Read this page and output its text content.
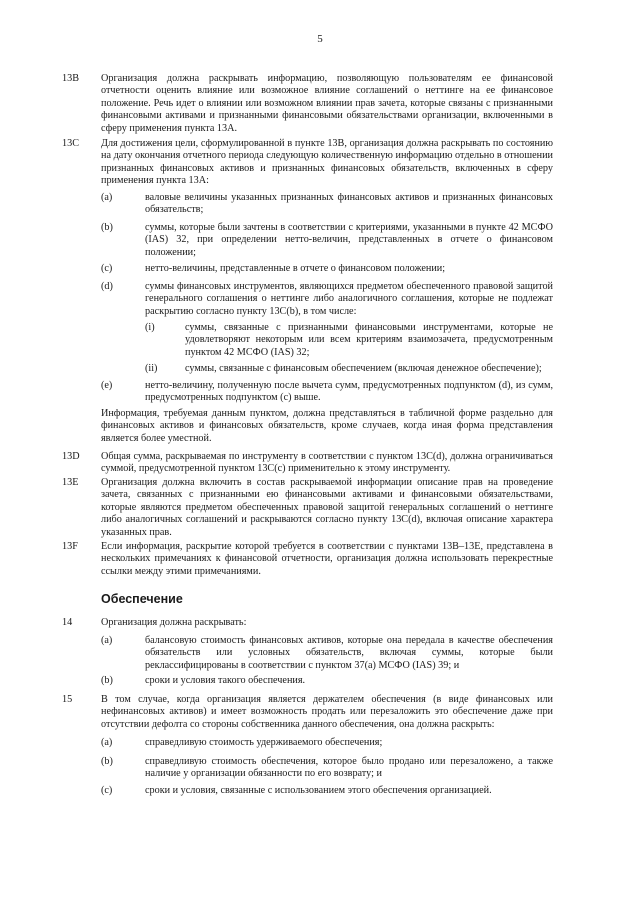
5
13B Организация должна раскрывать информацию, позволяющую пользователям ее финансовой отчетности оценить влияние или возможное влияние соглашений о неттинге на ее финансовое положение. Речь идет о влиянии или возможном влиянии прав зачета, которые связаны с признанными финансовыми активами и признанными финансовыми обязательствами организации, включенными в сферу применения пункта 13А.
13C Для достижения цели, сформулированной в пункте 13В, организация должна раскрывать по состоянию на дату окончания отчетного периода следующую количественную информацию отдельно в отношении признанных финансовых активов и признанных финансовых обязательств, включенных в сферу применения пункта 13А:
(a)	валовые величины указанных признанных финансовых активов и признанных финансовых обязательств;
(b)	суммы, которые были зачтены в соответствии с критериями, указанными в пункте 42 МСФО (IAS) 32, при определении нетто-величин, представленных в отчете о финансовом положении;
(c)	нетто-величины, представленные в отчете о финансовом положении;
(d)	суммы финансовых инструментов, являющихся предметом обеспеченного правовой защитой генерального соглашения о неттинге либо аналогичного соглашения, которые не подлежат раскрытию согласно пункту 13С(b), в том числе:
(i)	суммы, связанные с признанными финансовыми инструментами, которые не удовлетворяют некоторым или всем критериям взаимозачета, предусмотренным пунктом 42 МСФО (IAS) 32;
(ii)	суммы, связанные с финансовым обеспечением (включая денежное обеспечение);
(e)	нетто-величину, полученную после вычета сумм, предусмотренных подпунктом (d), из сумм, предусмотренных подпунктом (с) выше.
Информация, требуемая данным пунктом, должна представляться в табличной форме раздельно для финансовых активов и финансовых обязательств, кроме случаев, когда иная форма представления является более уместной.
13D Общая сумма, раскрываемая по инструменту в соответствии с пунктом 13С(d), должна ограничиваться суммой, предусмотренной пунктом 13С(с) применительно к этому инструменту.
13E Организация должна включить в состав раскрываемой информации описание прав на проведение зачета, связанных с признанными ею финансовыми активами и финансовыми обязательствами, которые являются предметом обеспеченных правовой защитой генеральных соглашений о неттинге либо аналогичных соглашений и раскрываются согласно пункту 13С(d), включая описание характера указанных прав.
13F Если информация, раскрытие которой требуется в соответствии с пунктами 13В–13Е, представлена в нескольких примечаниях к финансовой отчетности, организация должна использовать перекрестные ссылки между этими примечаниями.
Обеспечение
14	Организация должна раскрывать:
(a)	балансовую стоимость финансовых активов, которые она передала в качестве обеспечения обязательств или условных обязательств, включая суммы, которые были реклассифицированы в соответствии с пунктом 37(а) МСФО (IAS) 39; и
(b)	сроки и условия такого обеспечения.
15	В том случае, когда организация является держателем обеспечения (в виде финансовых или нефинансовых активов) и имеет возможность продать или перезаложить это обеспечение даже при отсутствии дефолта со стороны собственника данного обеспечения, она должна раскрыть:
(a)	справедливую стоимость удерживаемого обеспечения;
(b)	справедливую стоимость обеспечения, которое было продано или перезаложено, а также наличие у организации обязанности по его возврату; и
(c)	сроки и условия, связанные с использованием этого обеспечения организацией.
